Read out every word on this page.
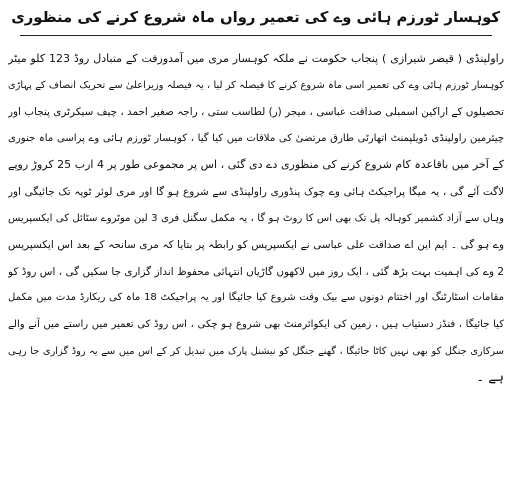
کوہسار ٹورزم ہائی وے کی تعمیر رواں ماہ شروع کرنے کی منظوری

راولپنڈی ( قیصر شیرازی ) پنجاب حکومت نے ملکہ کوہسار مری میں آمدورفت کے متبادل روڈ 123 کلو میٹر

کوہسار ٹورزم ہائی وے کی تعمیر اسی ماہ شروع کرنے کا فیصلہ کر لیا ، یہ فیصلہ وزیراعلیٰ سے تحریک انصاف کے پہاڑی

تحصیلوں کے اراکین اسمبلی صداقت عباسی ، میجر (ر) لطاسب ستی ، راجہ صغیر احمد ، چیف سیکرٹری پنجاب اور

چیئرمین راولپنڈی ڈویلپمنٹ اتھارٹی طارق مرتضیٰ کی ملاقات میں کیا گیا ، کوہسار ٹورزم ہائی وے پراسی ماہ جنوری

کے آخر میں باقاعدہ کام شروع کرنے کی منظوری دے دی گئی ، اس پر مجموعی طور پر 4 ارب 25 کروڑ روپے

لاگت آئے گی ، یہ میگا پراجیکٹ ہائی وے چوک پنڈوری راولپنڈی سے شروع ہو گا اور مری لوئر ٹوپہ تک جائیگی اور

وہاں سے آزاد کشمیر کوہالہ پل تک بھی اس کا روٹ ہو گا ، یہ مکمل سگنل فری 3 لین موٹروے سٹائل کی ایکسپریس

وے ہو گی ۔ ایم این اے صداقت علی عباسی نے ایکسپریس کو رابطہ پر بتایا کہ مری سانحہ کے بعد اس ایکسپریس

2 وے کی اہمیت بہت بڑھ گئی ، ایک روز میں لاکھوں گاڑیاں انتہائی محفوظ انداز گزاری جا سکیں گی ، اس روڈ کو

مقامات اسٹارٹنگ اور اختتام دونوں سے بیک وقت شروع کیا جائیگا اور یہ پراجیکٹ 18 ماہ کی ریکارڈ مدت میں مکمل

کیا جائیگا ، فنڈز دستیاب ہیں ، زمین کی ایکوائرمنٹ بھی شروع ہو چکی ، اس روڈ کی تعمیر میں راستے میں آنے والے

سرکاری جنگل کو بھی نہیں کاٹا جائیگا ، گھنے جنگل کو نیشنل پارک میں تبدیل کر کے اس میں سے یہ روڈ گزاری جا رہی

ہے ۔
